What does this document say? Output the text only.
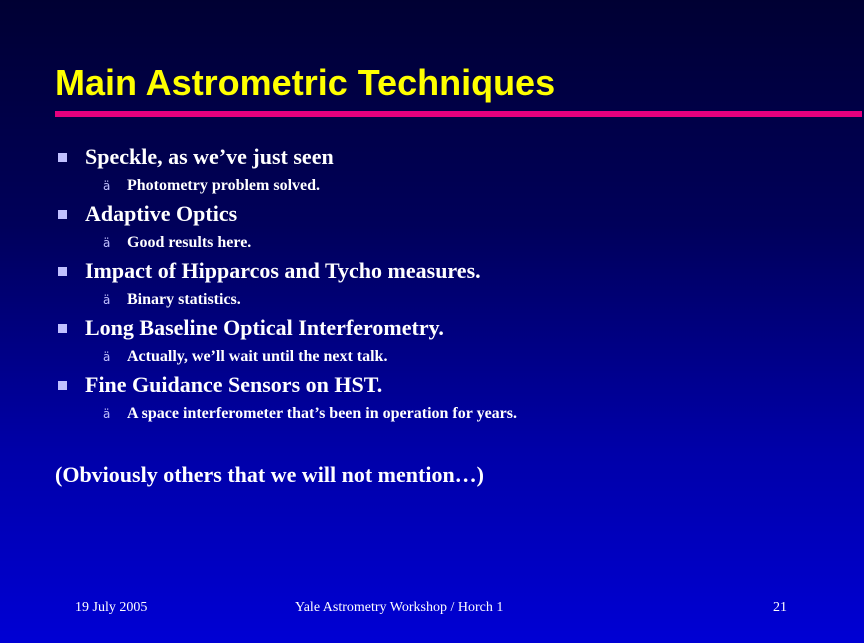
Main Astrometric Techniques
Speckle, as we’ve just seen
ä Photometry problem solved.
Adaptive Optics
ä Good results here.
Impact of Hipparcos and Tycho measures.
ä Binary statistics.
Long Baseline Optical Interferometry.
ä Actually, we’ll wait until the next talk.
Fine Guidance Sensors on HST.
ä A space interferometer that’s been in operation for years.

(Obviously others that we will not mention…)

19 July 2005	Yale Astrometry Workshop / Horch 1	21
